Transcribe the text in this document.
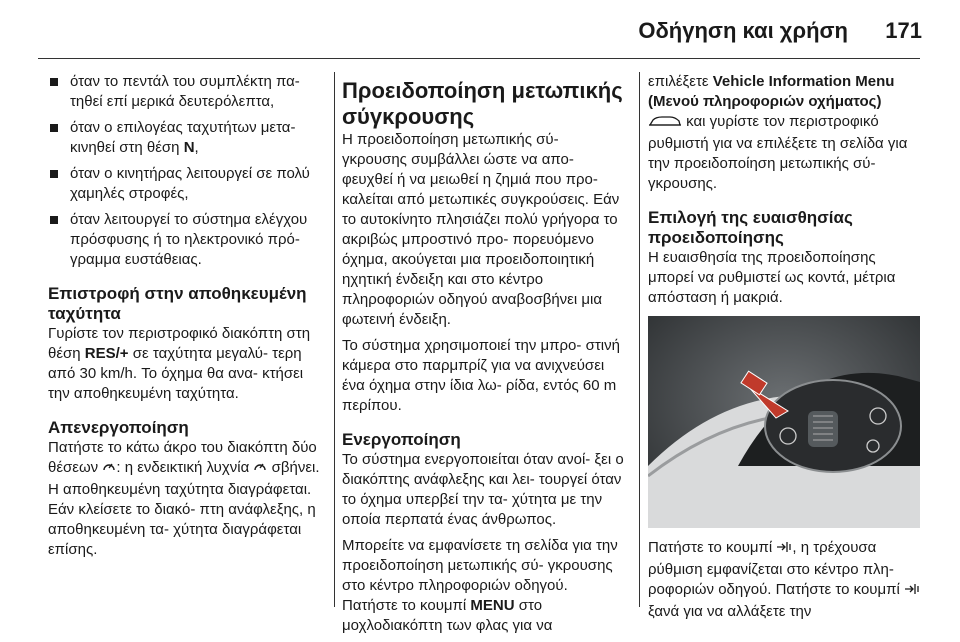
Οδήγηση και χρήση 171
όταν το πεντάλ του συμπλέκτη πα- τηθεί επί μερικά δευτερόλεπτα,
όταν ο επιλογέας ταχυτήτων μετα- κινηθεί στη θέση N,
όταν ο κινητήρας λειτουργεί σε πολύ χαμηλές στροφές,
όταν λειτουργεί το σύστημα ελέγχου πρόσφυσης ή το ηλεκτρονικό πρό- γραμμα ευστάθειας.
Επιστροφή στην αποθηκευμένη ταχύτητα

Γυρίστε τον περιστροφικό διακόπτη στη θέση RES/+ σε ταχύτητα μεγαλύ- τερη από 30 km/h. Το όχημα θα ανα- κτήσει την αποθηκευμένη ταχύτητα.

Απενεργοποίηση

Πατήστε το κάτω άκρο του διακόπτη δύο θέσεων : η ενδεικτική λυχνία  σβήνει. Η αποθηκευμένη ταχύτητα διαγράφεται. Εάν κλείσετε το διακό- πτη ανάφλεξης, η αποθηκευμένη τα- χύτητα διαγράφεται επίσης.

Προειδοποίηση μετωπικής σύγκρουσης

Η προειδοποίηση μετωπικής σύ- γκρουσης συμβάλλει ώστε να απο- φευχθεί ή να μειωθεί η ζημιά που προ- καλείται από μετωπικές συγκρούσεις. Εάν το αυτοκίνητο πλησιάζει πολύ γρήγορα το ακριβώς μπροστινό προ- πορευόμενο όχημα, ακούγεται μια προειδοποιητική ηχητική ένδειξη και στο κέντρο πληροφοριών οδηγού αναβοσβήνει μια φωτεινή ένδειξη.

Το σύστημα χρησιμοποιεί την μπρο- στινή κάμερα στο παρμπρίζ για να ανιχνεύσει ένα όχημα στην ίδια λω- ρίδα, εντός 60 m περίπου.

Ενεργοποίηση

Το σύστημα ενεργοποιείται όταν ανοί- ξει ο διακόπτης ανάφλεξης και λει- τουργεί όταν το όχημα υπερβεί την τα- χύτητα με την οποία περπατά ένας άνθρωπος.

Μπορείτε να εμφανίσετε τη σελίδα για την προειδοποίηση μετωπικής σύ- γκρουσης στο κέντρο πληροφοριών οδηγού. Πατήστε το κουμπί MENU στο μοχλοδιακόπτη των φλας για να

επιλέξετε Vehicle Information Menu (Μενού πληροφοριών οχήματος)
και γυρίστε τον περιστροφικό ρυθμιστή για να επιλέξετε τη σελίδα για την προειδοποίηση μετωπικής σύ- γκρουσης.

Επιλογή της ευαισθησίας προειδοποίησης

Η ευαισθησία της προειδοποίησης μπορεί να ρυθμιστεί ως κοντά, μέτρια απόσταση ή μακριά.

Πατήστε το κουμπί , η τρέχουσα ρύθμιση εμφανίζεται στο κέντρο πλη- ροφοριών οδηγού. Πατήστε το κουμπί  ξανά για να αλλάξετε την
